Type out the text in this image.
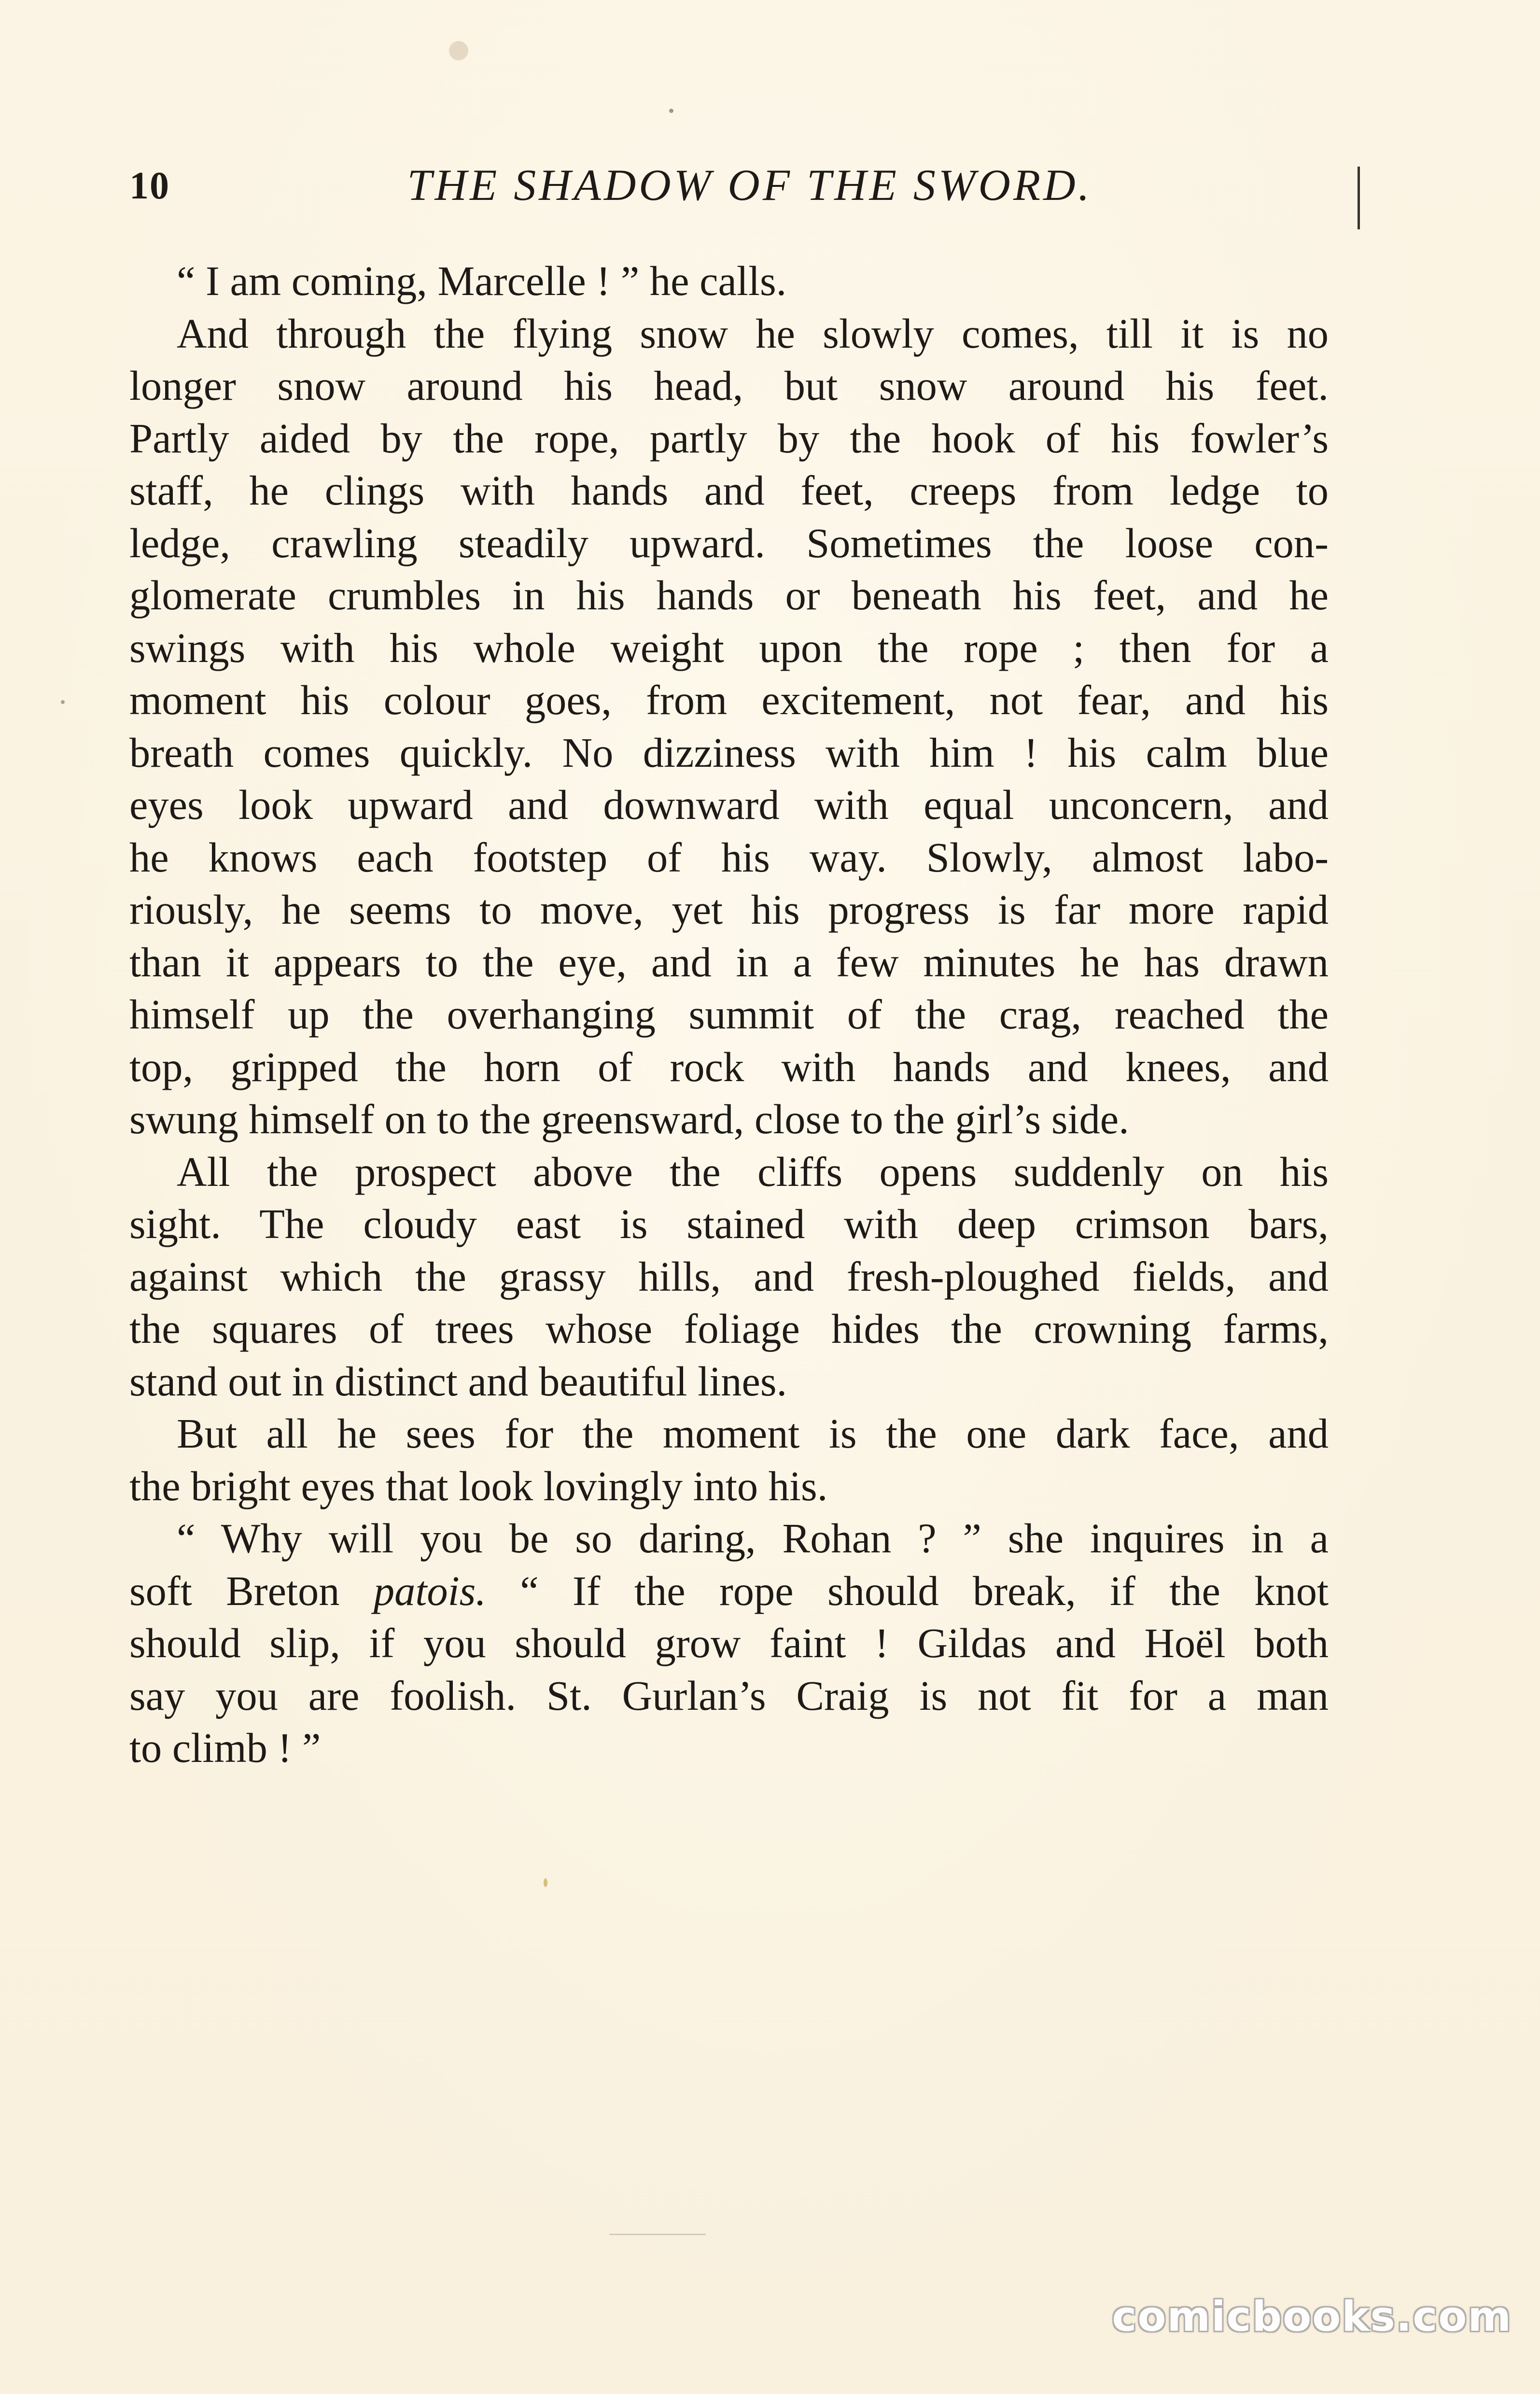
10	THE SHADOW OF THE SWORD.
“ I am coming, Marcelle ! ” he calls.
And through the flying snow he slowly comes, till it is no
longer snow around his head, but snow around his feet.
Partly aided by the rope, partly by the hook of his fowler’s
staff, he clings with hands and feet, creeps from ledge to
ledge, crawling steadily upward. Sometimes the loose con-
glomerate crumbles in his hands or beneath his feet, and he
swings with his whole weight upon the rope ; then for a
moment his colour goes, from excitement, not fear, and his
breath comes quickly. No dizziness with him ! his calm blue
eyes look upward and downward with equal unconcern, and
he knows each footstep of his way. Slowly, almost labo-
riously, he seems to move, yet his progress is far more rapid
than it appears to the eye, and in a few minutes he has drawn
himself up the overhanging summit of the crag, reached the
top, gripped the horn of rock with hands and knees, and
swung himself on to the greensward, close to the girl’s side.
All the prospect above the cliffs opens suddenly on his
sight. The cloudy east is stained with deep crimson bars,
against which the grassy hills, and fresh-ploughed fields, and
the squares of trees whose foliage hides the crowning farms,
stand out in distinct and beautiful lines.
But all he sees for the moment is the one dark face, and
the bright eyes that look lovingly into his.
“ Why will you be so daring, Rohan ? ” she inquires in a
soft Breton patois. “ If the rope should break, if the knot
should slip, if you should grow faint ! Gildas and Hoël both
say you are foolish. St. Gurlan’s Craig is not fit for a man
to climb ! ”
comicbooks.com
